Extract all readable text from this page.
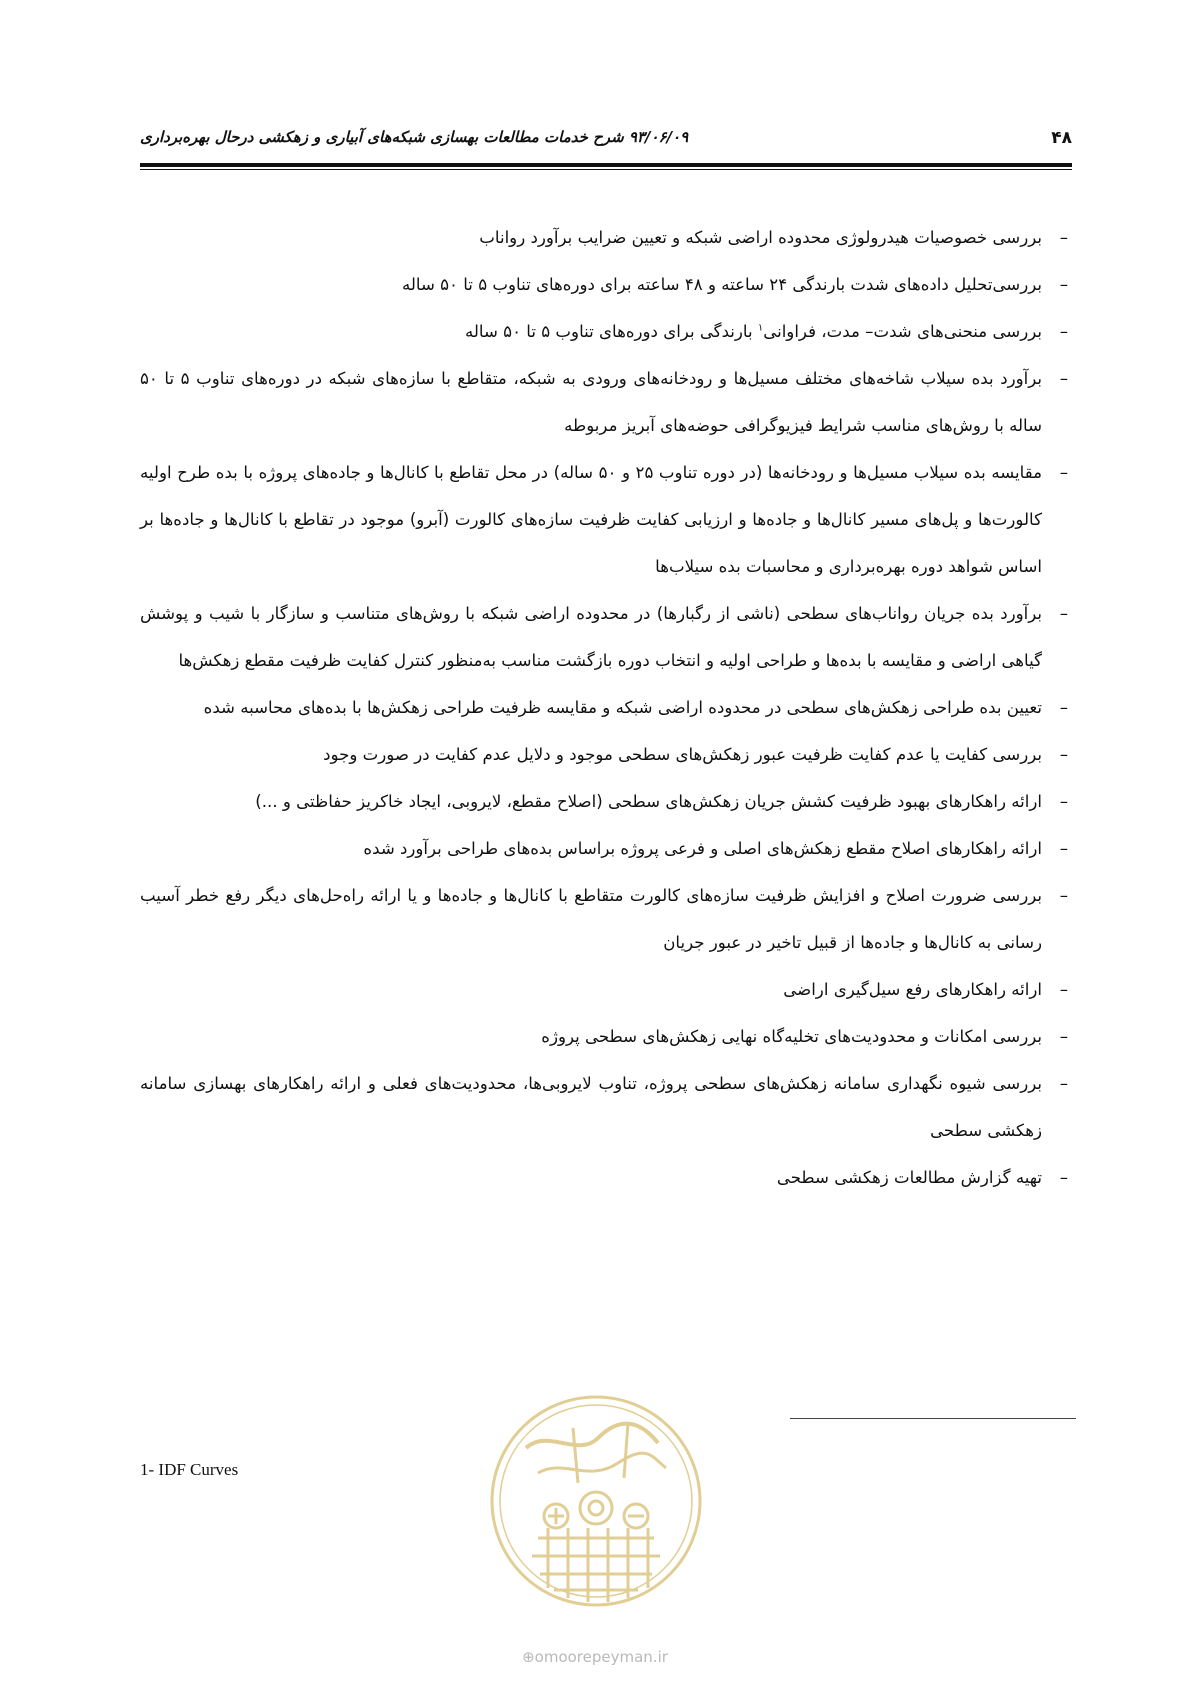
۴۸
۹۳/۰۶/۰۹ شرح خدمات مطالعات بهسازی شبکه‌های آبیاری و زهکشی درحال بهره‌برداری
–
بررسی خصوصیات هیدرولوژی محدوده اراضی شبکه و تعیین ضرایب برآورد رواناب
–
بررسی‌تحلیل داده‌های شدت بارندگی ۲۴ ساعته و ۴۸ ساعته برای دوره‌های تناوب ۵ تا ۵۰ ساله
–
بررسی منحنی‌های شدت– مدت، فراوانی$^۱$ بارندگی برای دوره‌های تناوب ۵ تا ۵۰ ساله
–
برآورد بده سیلاب شاخه‌های مختلف مسیل‌ها و رودخانه‌های ورودی به شبکه، متقاطع با سازه‌های شبکه در دوره‌های تناوب ۵ تا ۵۰ ساله با روش‌های مناسب شرایط فیزیوگرافی حوضه‌های آبریز مربوطه
–
مقایسه بده سیلاب مسیل‌ها و رودخانه‌ها (در دوره تناوب ۲۵ و ۵۰ ساله) در محل تقاطع با کانال‌ها و جاده‌های پروژه با بده طرح اولیه کالورت‌ها و پل‌های مسیر کانال‌ها و جاده‌ها و ارزیابی کفایت ظرفیت سازه‌های کالورت (آبرو) موجود در تقاطع با کانال‌ها و جاده‌ها بر اساس شواهد دوره بهره‌برداری و محاسبات بده سیلاب‌ها
–
برآورد بده جریان رواناب‌های سطحی (ناشی از رگبارها) در محدوده اراضی شبکه با روش‌های متناسب و سازگار با شیب و پوشش گیاهی اراضی و مقایسه با بده‌ها و طراحی اولیه و انتخاب دوره بازگشت مناسب به‌منظور کنترل کفایت ظرفیت مقطع زهکش‌ها
–
تعیین بده طراحی زهکش‌های سطحی در محدوده اراضی شبکه و مقایسه ظرفیت طراحی زهکش‌ها با بده‌های محاسبه شده
–
بررسی کفایت یا عدم کفایت ظرفیت عبور زهکش‌های سطحی موجود و دلایل عدم کفایت در صورت وجود
–
ارائه راهکارهای بهبود ظرفیت کشش جریان زهکش‌های سطحی (اصلاح مقطع، لایروبی، ایجاد خاکریز حفاظتی و ...)
–
ارائه راهکارهای اصلاح مقطع زهکش‌های اصلی و فرعی پروژه براساس بده‌های طراحی برآورد شده
–
بررسی ضرورت اصلاح و افزایش ظرفیت سازه‌های کالورت متقاطع با کانال‌ها و جاده‌ها و یا ارائه راه‌حل‌های دیگر رفع خطر آسیب رسانی به کانال‌ها و جاده‌ها از قبیل تاخیر در عبور جریان
–
ارائه راهکارهای رفع سیل‌گیری اراضی
–
بررسی امکانات و محدودیت‌های تخلیه‌گاه نهایی زهکش‌های سطحی پروژه
–
بررسی شیوه نگهداری سامانه زهکش‌های سطحی پروژه، تناوب لایروبی‌ها، محدودیت‌های فعلی و ارائه راهکارهای بهسازی سامانه زهکشی سطحی
–
تهیه گزارش مطالعات زهکشی سطحی
1- IDF Curves
⊕omoorepeyman.ir
